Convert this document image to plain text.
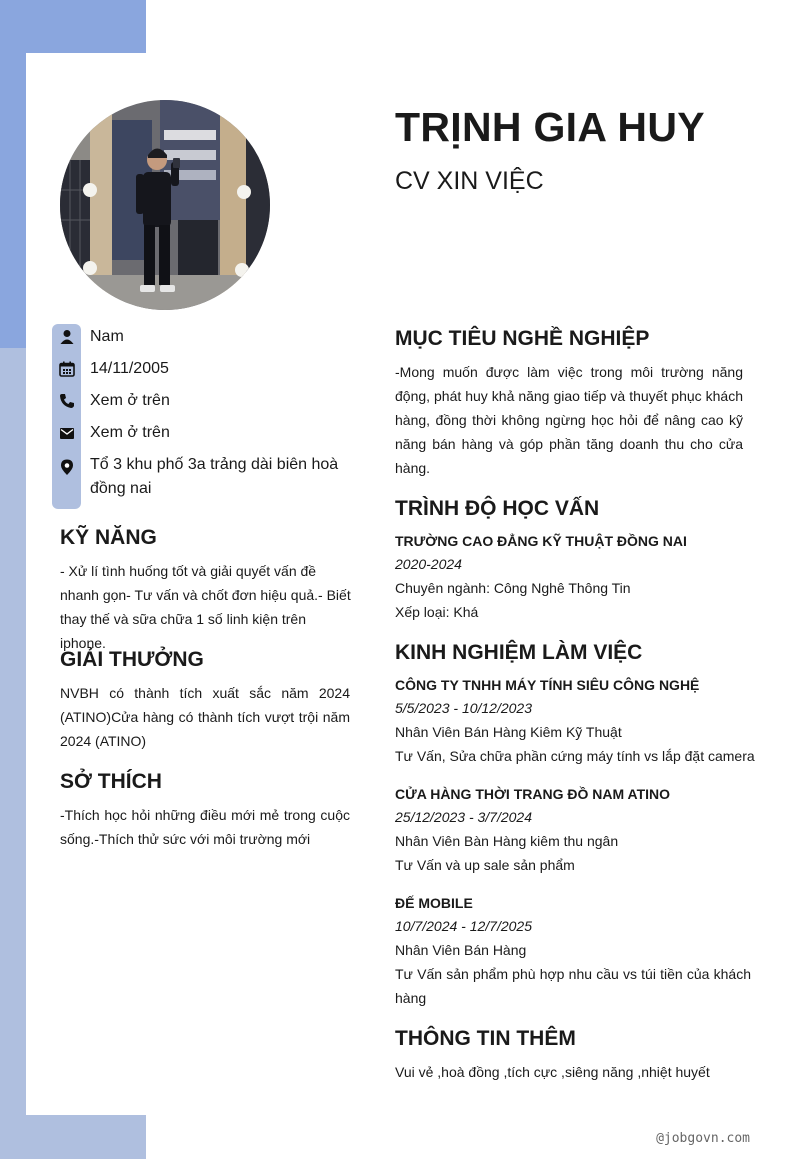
TRỊNH GIA HUY
CV XIN VIỆC
Nam
14/11/2005
Xem ở trên
Xem ở trên
Tổ 3 khu phố 3a trảng dài biên hoà đồng nai
KỸ NĂNG

- Xử lí tình huống tốt và giải quyết vấn đề nhanh gọn- Tư vấn và chốt đơn hiệu quả.- Biết thay thế và sữa chữa 1 số linh kiện trên iphone.

GIẢI THƯỞNG

NVBH có thành tích xuất sắc năm 2024 (ATINO)Cửa hàng có thành tích vượt trội năm 2024 (ATINO)

SỞ THÍCH

-Thích học hỏi những điều mới mẻ trong cuộc sống.-Thích thử sức với môi trường mới

MỤC TIÊU NGHỀ NGHIỆP

-Mong muốn được làm việc trong môi trường năng động, phát huy khả năng giao tiếp và thuyết phục khách hàng, đồng thời không ngừng học hỏi để nâng cao kỹ năng bán hàng và góp phần tăng doanh thu cho cửa hàng.

TRÌNH ĐỘ HỌC VẤN
TRƯỜNG CAO ĐẲNG KỸ THUẬT ĐỒNG NAI
2020-2024
Chuyên ngành: Công Nghê Thông Tin
Xếp loại: Khá
KINH NGHIỆM LÀM VIỆC
CÔNG TY TNHH MÁY TÍNH SIÊU CÔNG NGHỆ
5/5/2023 - 10/12/2023
Nhân Viên Bán Hàng Kiêm Kỹ Thuật
Tư Vấn, Sửa chữa phần cứng máy tính vs lắp đặt camera
CỬA HÀNG THỜI TRANG ĐỒ NAM ATINO
25/12/2023 - 3/7/2024
Nhân Viên Bàn Hàng kiêm thu ngân
Tư Vấn và up sale sản phẩm
ĐẾ MOBILE
10/7/2024 - 12/7/2025
Nhân Viên Bán Hàng

Tư Vấn sản phẩm phù hợp nhu cầu vs túi tiền của khách hàng

THÔNG TIN THÊM
Vui vẻ ,hoà đồng ,tích cực ,siêng năng ,nhiệt huyết
@jobgovn.com
